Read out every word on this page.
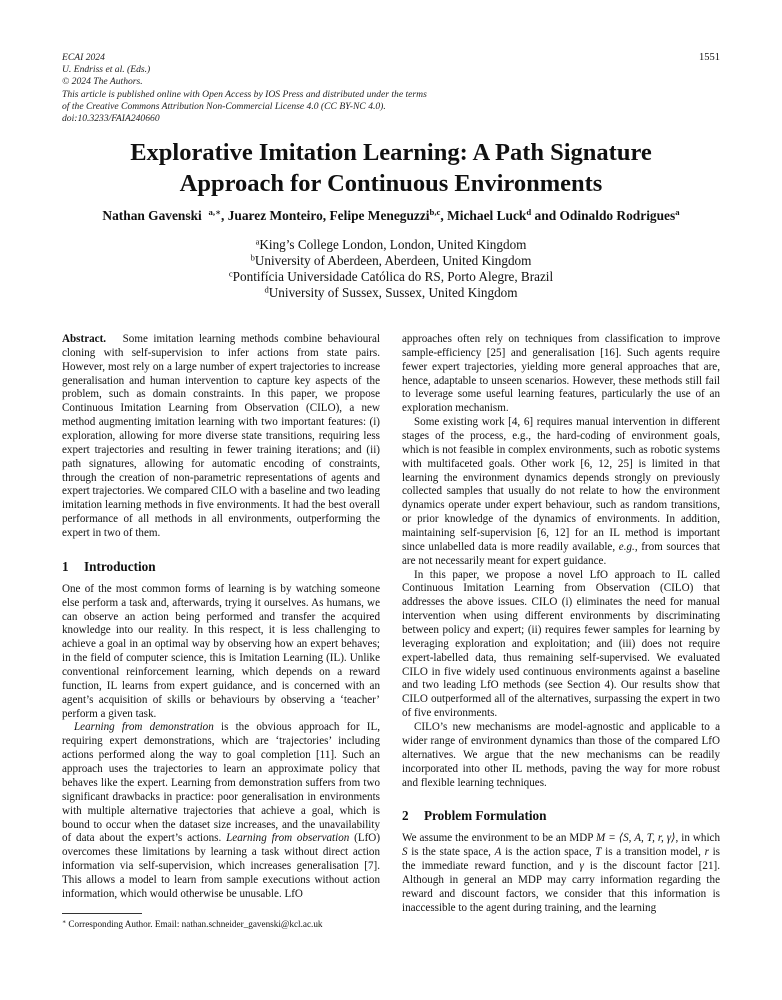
ECAI 2024
U. Endriss et al. (Eds.)
© 2024 The Authors.
This article is published online with Open Access by IOS Press and distributed under the terms
of the Creative Commons Attribution Non-Commercial License 4.0 (CC BY-NC 4.0).
doi:10.3233/FAIA240660
1551
Explorative Imitation Learning: A Path Signature
Approach for Continuous Environments
Nathan Gavenski $^{a,∗}$, Juarez Monteiro, Felipe Meneguzzi$^{b,c}$, Michael Luck$^d$ and Odinaldo Rodrigues$^a$
$^a$King’s College London, London, United Kingdom
$^b$University of Aberdeen, Aberdeen, United Kingdom
$^c$Pontifícia Universidade Católica do RS, Porto Alegre, Brazil
$^d$University of Sussex, Sussex, United Kingdom

Abstract. Some imitation learning methods combine behavioural cloning with self-supervision to infer actions from state pairs. However, most rely on a large number of expert trajectories to increase generalisation and human intervention to capture key aspects of the problem, such as domain constraints. In this paper, we propose Continuous Imitation Learning from Observation (CILO), a new method augmenting imitation learning with two important features: (i) exploration, allowing for more diverse state transitions, requiring less expert trajectories and resulting in fewer training iterations; and (ii) path signatures, allowing for automatic encoding of constraints, through the creation of non-parametric representations of agents and expert trajectories. We compared CILO with a baseline and two leading imitation learning methods in five environments. It had the best overall performance of all methods in all environments, outperforming the expert in two of them.

1 Introduction

One of the most common forms of learning is by watching someone else perform a task and, afterwards, trying it ourselves. As humans, we can observe an action being performed and transfer the acquired knowledge into our reality. In this respect, it is less challenging to achieve a goal in an optimal way by observing how an expert behaves; in the field of computer science, this is Imitation Learning (IL). Unlike conventional reinforcement learning, which depends on a reward function, IL learns from expert guidance, and is concerned with an agent’s acquisition of skills or behaviours by observing a ‘teacher’ perform a given task.

Learning from demonstration is the obvious approach for IL, requiring expert demonstrations, which are ‘trajectories’ including actions performed along the way to goal completion [11]. Such an approach uses the trajectories to learn an approximate policy that behaves like the expert. Learning from demonstration suffers from two significant drawbacks in practice: poor generalisation in environments with multiple alternative trajectories that achieve a goal, which is bound to occur when the dataset size increases, and the unavailability of data about the expert’s actions. Learning from observation (LfO) overcomes these limitations by learning a task without direct action information via self-supervision, which increases generalisation [7]. This allows a model to learn from sample executions without action information, which would otherwise be unusable. LfO

approaches often rely on techniques from classification to improve sample-efficiency [25] and generalisation [16]. Such agents require fewer expert trajectories, yielding more general approaches that are, hence, adaptable to unseen scenarios. However, these methods still fail to leverage some useful learning features, particularly the use of an exploration mechanism.

Some existing work [4, 6] requires manual intervention in different stages of the process, e.g., the hard-coding of environment goals, which is not feasible in complex environments, such as robotic systems with multifaceted goals. Other work [6, 12, 25] is limited in that learning the environment dynamics depends strongly on previously collected samples that usually do not relate to how the environment dynamics operate under expert behaviour, such as random transitions, or prior knowledge of the dynamics of environments. In addition, maintaining self-supervision [6, 12] for an IL method is important since unlabelled data is more readily available, e.g., from sources that are not necessarily meant for expert guidance.

In this paper, we propose a novel LfO approach to IL called Continuous Imitation Learning from Observation (CILO) that addresses the above issues. CILO (i) eliminates the need for manual intervention when using different environments by discriminating between policy and expert; (ii) requires fewer samples for learning by leveraging exploration and exploitation; and (iii) does not require expert-labelled data, thus remaining self-supervised. We evaluated CILO in five widely used continuous environments against a baseline and two leading LfO methods (see Section 4). Our results show that CILO outperformed all of the alternatives, surpassing the expert in two of five environments.

CILO’s new mechanisms are model-agnostic and applicable to a wider range of environment dynamics than those of the compared LfO alternatives. We argue that the new mechanisms can be readily incorporated into other IL methods, paving the way for more robust and flexible learning techniques.

2 Problem Formulation

We assume the environment to be an MDP M = ⟨S, A, T, r, γ⟩, in which S is the state space, A is the action space, T is a transition model, r is the immediate reward function, and γ is the discount factor [21]. Although in general an MDP may carry information regarding the reward and discount factors, we consider that this information is inaccessible to the agent during training, and the learning

∗ Corresponding Author. Email: nathan.schneider_gavenski@kcl.ac.uk
